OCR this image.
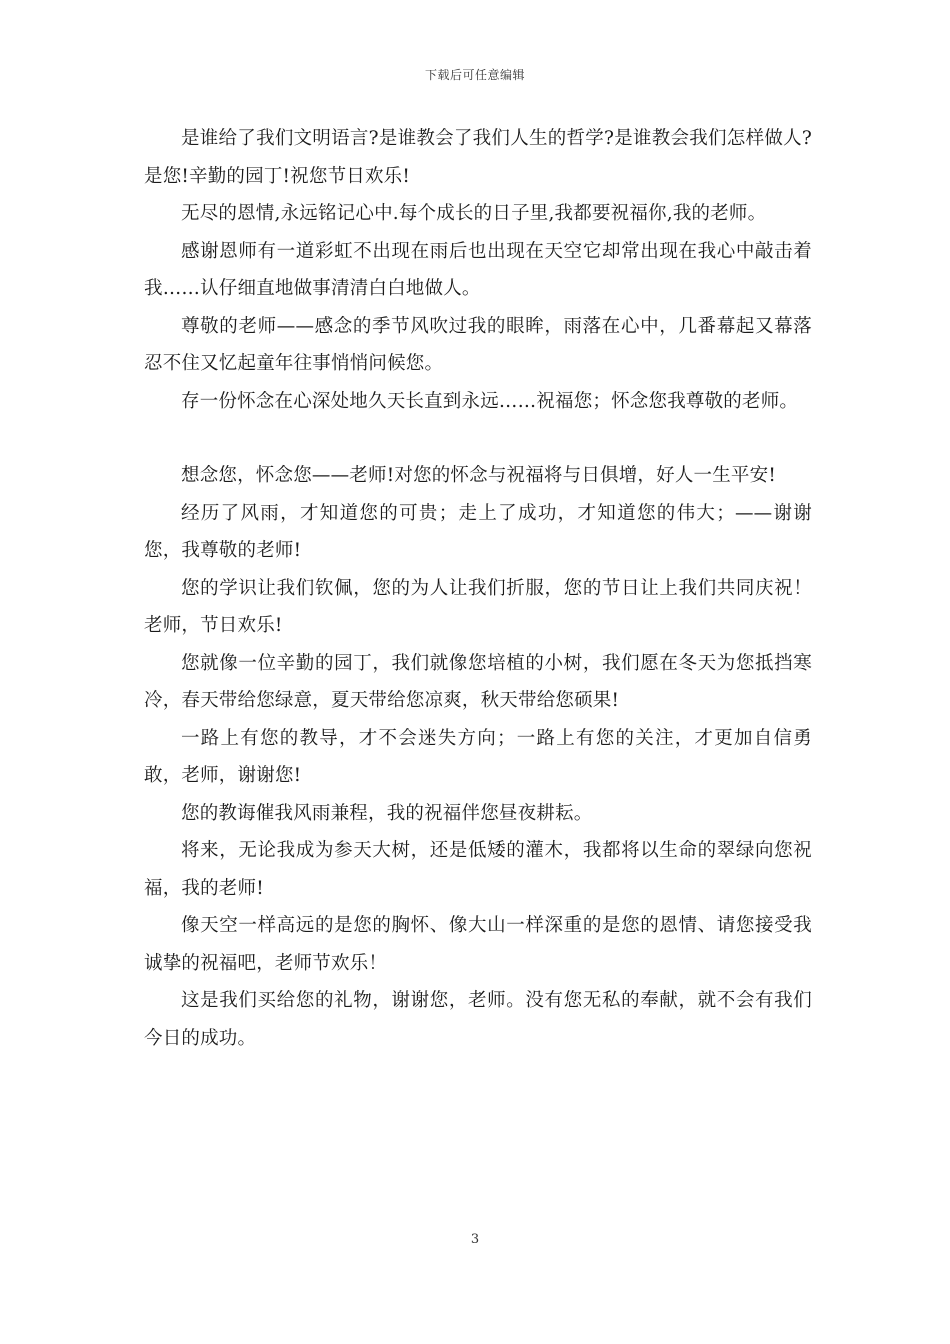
下载后可任意编辑

是谁给了我们文明语言?是谁教会了我们人生的哲学?是谁教会我们怎样做人?是您!辛勤的园丁!祝您节日欢乐!

无尽的恩情,永远铭记心中.每个成长的日子里,我都要祝福你,我的老师。

感谢恩师有一道彩虹不出现在雨后也出现在天空它却常出现在我心中敲击着我……认仔细直地做事清清白白地做人。

尊敬的老师——感念的季节风吹过我的眼眸，雨落在心中，几番幕起又幕落忍不住又忆起童年往事悄悄问候您。

存一份怀念在心深处地久天长直到永远……祝福您；怀念您我尊敬的老师。

想念您，怀念您——老师!对您的怀念与祝福将与日俱增，好人一生平安!

经历了风雨，才知道您的可贵；走上了成功，才知道您的伟大；——谢谢您，我尊敬的老师!

您的学识让我们钦佩，您的为人让我们折服，您的节日让上我们共同庆祝！老师，节日欢乐!

您就像一位辛勤的园丁，我们就像您培植的小树，我们愿在冬天为您抵挡寒冷，春天带给您绿意，夏天带给您凉爽，秋天带给您硕果!

一路上有您的教导，才不会迷失方向；一路上有您的关注，才更加自信勇敢，老师，谢谢您!

您的教诲催我风雨兼程，我的祝福伴您昼夜耕耘。

将来，无论我成为参天大树，还是低矮的灌木，我都将以生命的翠绿向您祝福，我的老师!

像天空一样高远的是您的胸怀、像大山一样深重的是您的恩情、请您接受我诚挚的祝福吧，老师节欢乐！

这是我们买给您的礼物，谢谢您，老师。没有您无私的奉献，就不会有我们今日的成功。

3
